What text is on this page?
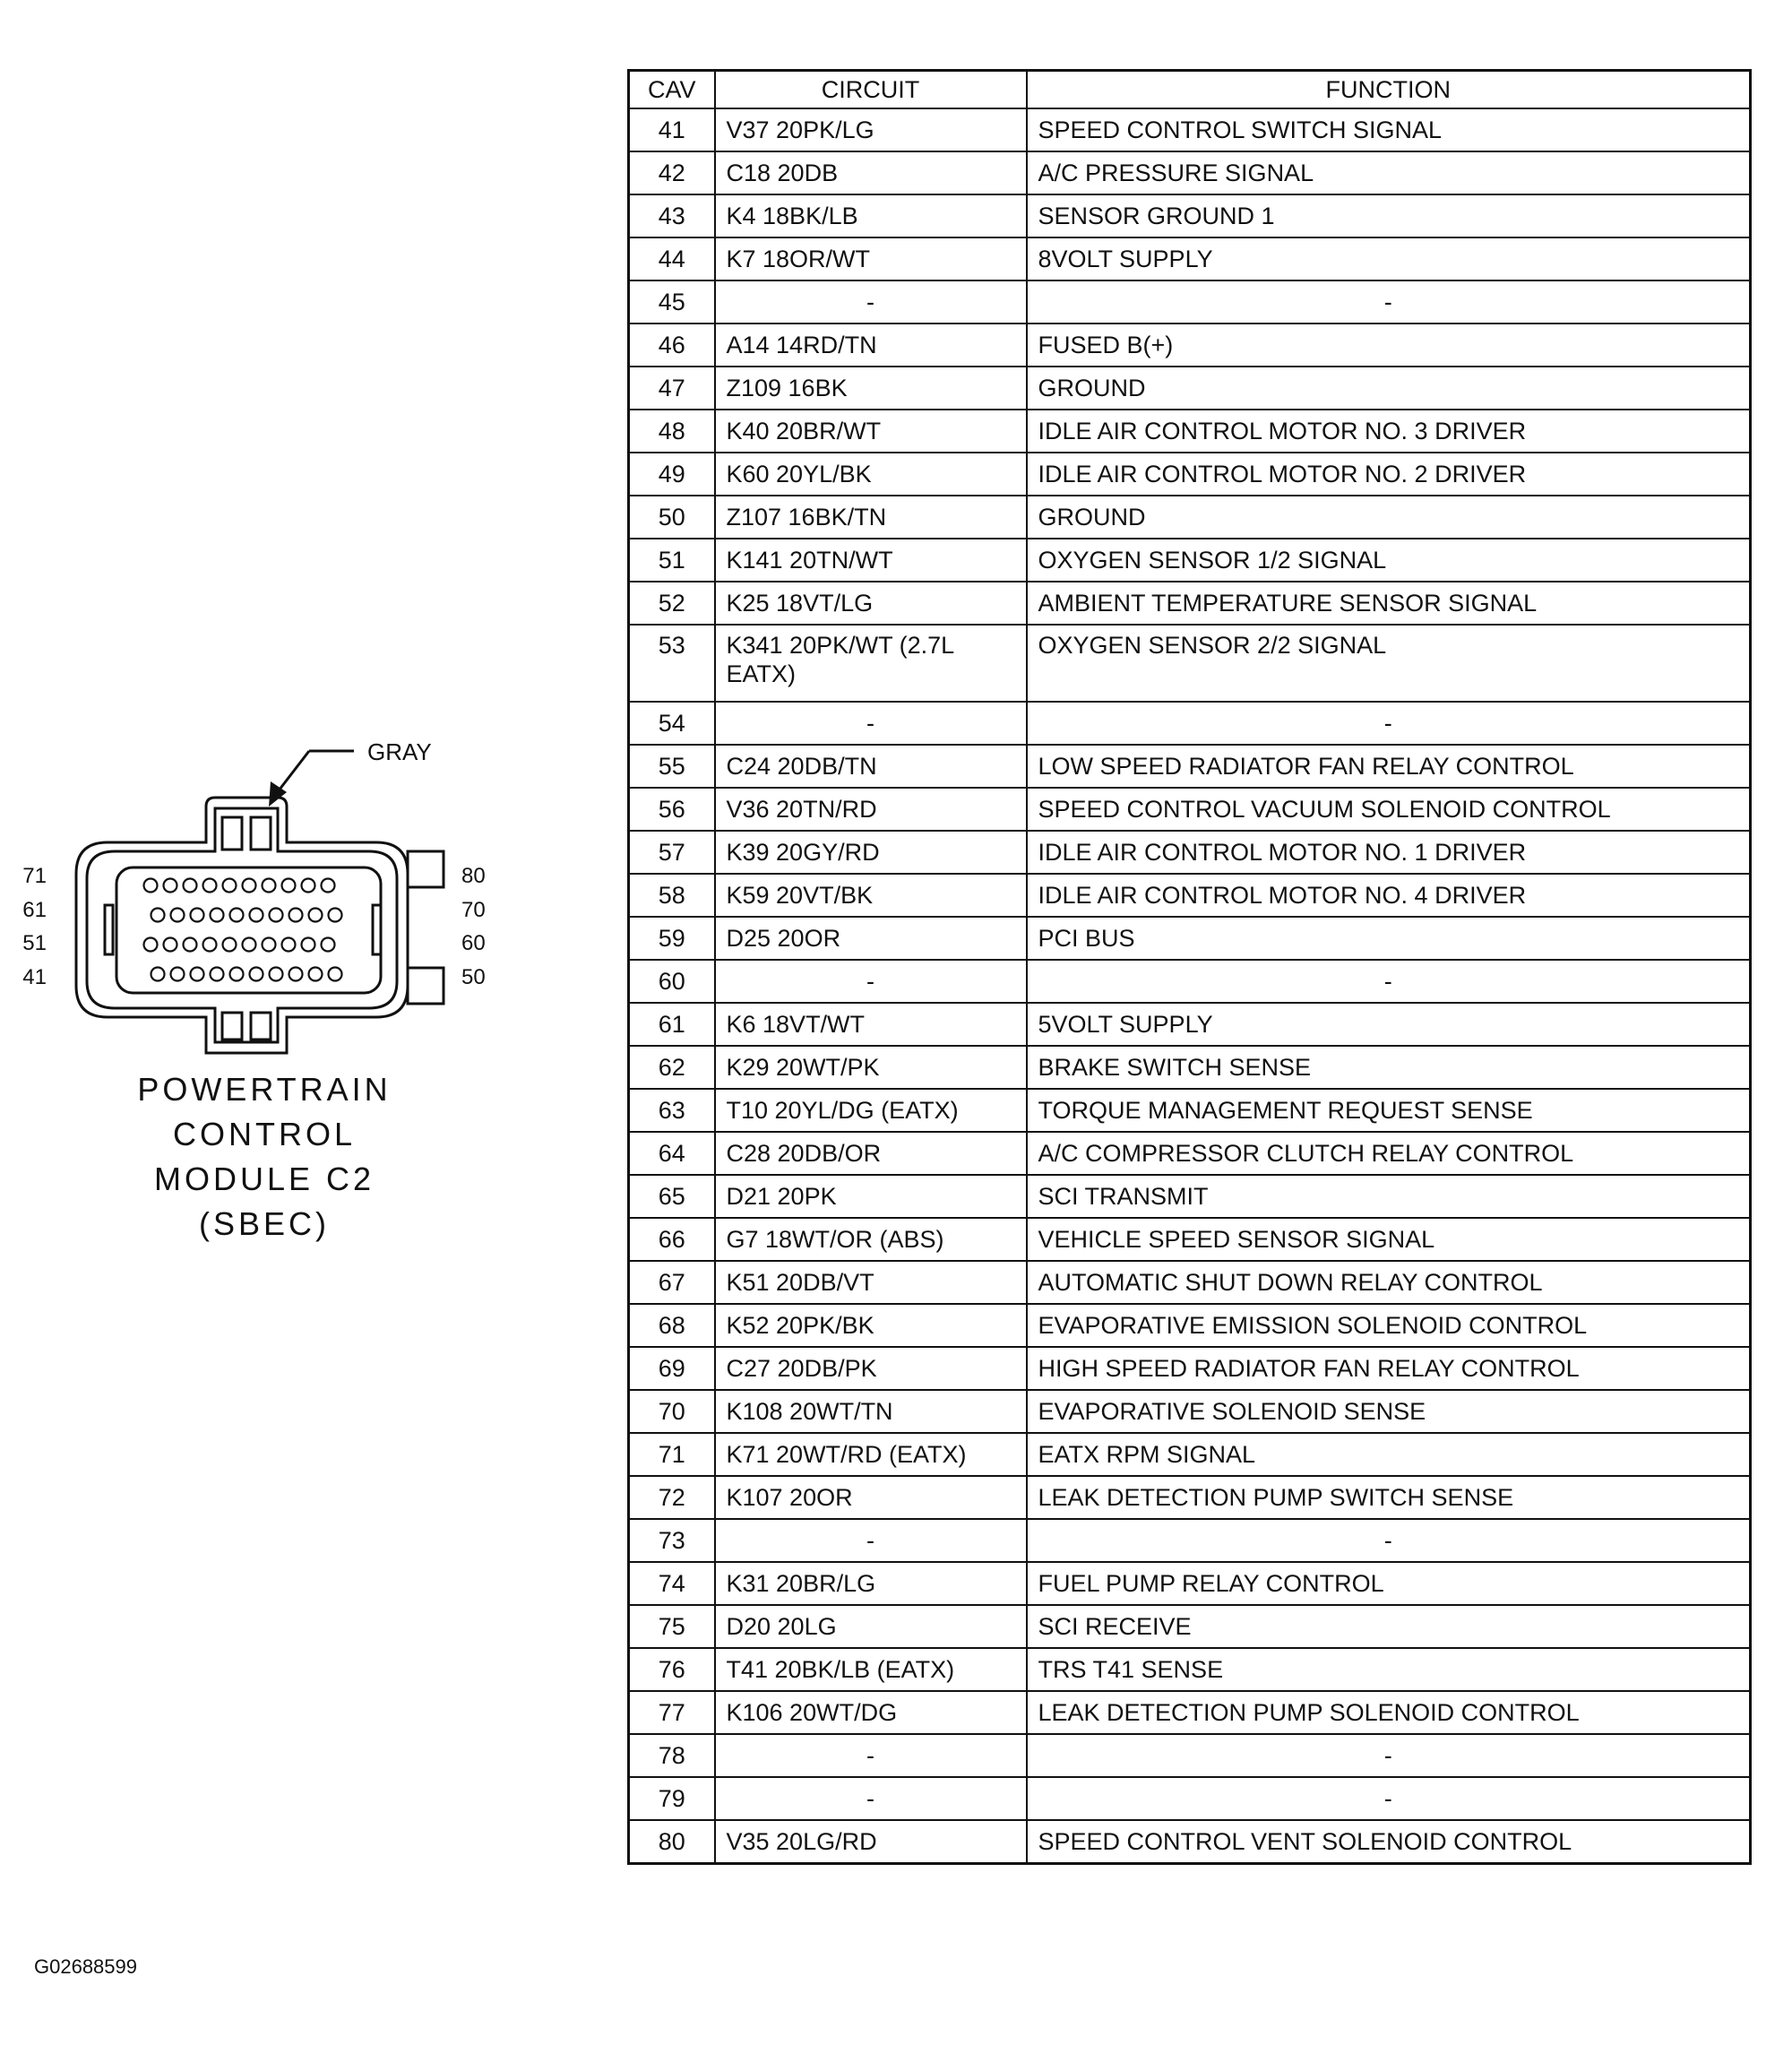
GRAY
71
61
51
41
80
70
60
50
POWERTRAIN
CONTROL
MODULE C2
(SBEC)
CAV	CIRCUIT	FUNCTION
41	V37 20PK/LG	SPEED CONTROL SWITCH SIGNAL
42	C18 20DB	A/C PRESSURE SIGNAL
43	K4 18BK/LB	SENSOR GROUND 1
44	K7 18OR/WT	8VOLT SUPPLY
45	-	-
46	A14 14RD/TN	FUSED B(+)
47	Z109 16BK	GROUND
48	K40 20BR/WT	IDLE AIR CONTROL MOTOR NO. 3 DRIVER
49	K60 20YL/BK	IDLE AIR CONTROL MOTOR NO. 2 DRIVER
50	Z107 16BK/TN	GROUND
51	K141 20TN/WT	OXYGEN SENSOR 1/2 SIGNAL
52	K25 18VT/LG	AMBIENT TEMPERATURE SENSOR SIGNAL
53	K341 20PK/WT (2.7L EATX)	OXYGEN SENSOR 2/2 SIGNAL
54	-	-
55	C24 20DB/TN	LOW SPEED RADIATOR FAN RELAY CONTROL
56	V36 20TN/RD	SPEED CONTROL VACUUM SOLENOID CONTROL
57	K39 20GY/RD	IDLE AIR CONTROL MOTOR NO. 1 DRIVER
58	K59 20VT/BK	IDLE AIR CONTROL MOTOR NO. 4 DRIVER
59	D25 20OR	PCI BUS
60	-	-
61	K6 18VT/WT	5VOLT SUPPLY
62	K29 20WT/PK	BRAKE SWITCH SENSE
63	T10 20YL/DG (EATX)	TORQUE MANAGEMENT REQUEST SENSE
64	C28 20DB/OR	A/C COMPRESSOR CLUTCH RELAY CONTROL
65	D21 20PK	SCI TRANSMIT
66	G7 18WT/OR (ABS)	VEHICLE SPEED SENSOR SIGNAL
67	K51 20DB/VT	AUTOMATIC SHUT DOWN RELAY CONTROL
68	K52 20PK/BK	EVAPORATIVE EMISSION SOLENOID CONTROL
69	C27 20DB/PK	HIGH SPEED RADIATOR FAN RELAY CONTROL
70	K108 20WT/TN	EVAPORATIVE SOLENOID SENSE
71	K71 20WT/RD (EATX)	EATX RPM SIGNAL
72	K107 20OR	LEAK DETECTION PUMP SWITCH SENSE
73	-	-
74	K31 20BR/LG	FUEL PUMP RELAY CONTROL
75	D20 20LG	SCI RECEIVE
76	T41 20BK/LB (EATX)	TRS T41 SENSE
77	K106 20WT/DG	LEAK DETECTION PUMP SOLENOID CONTROL
78	-	-
79	-	-
80	V35 20LG/RD	SPEED CONTROL VENT SOLENOID CONTROL
G02688599
